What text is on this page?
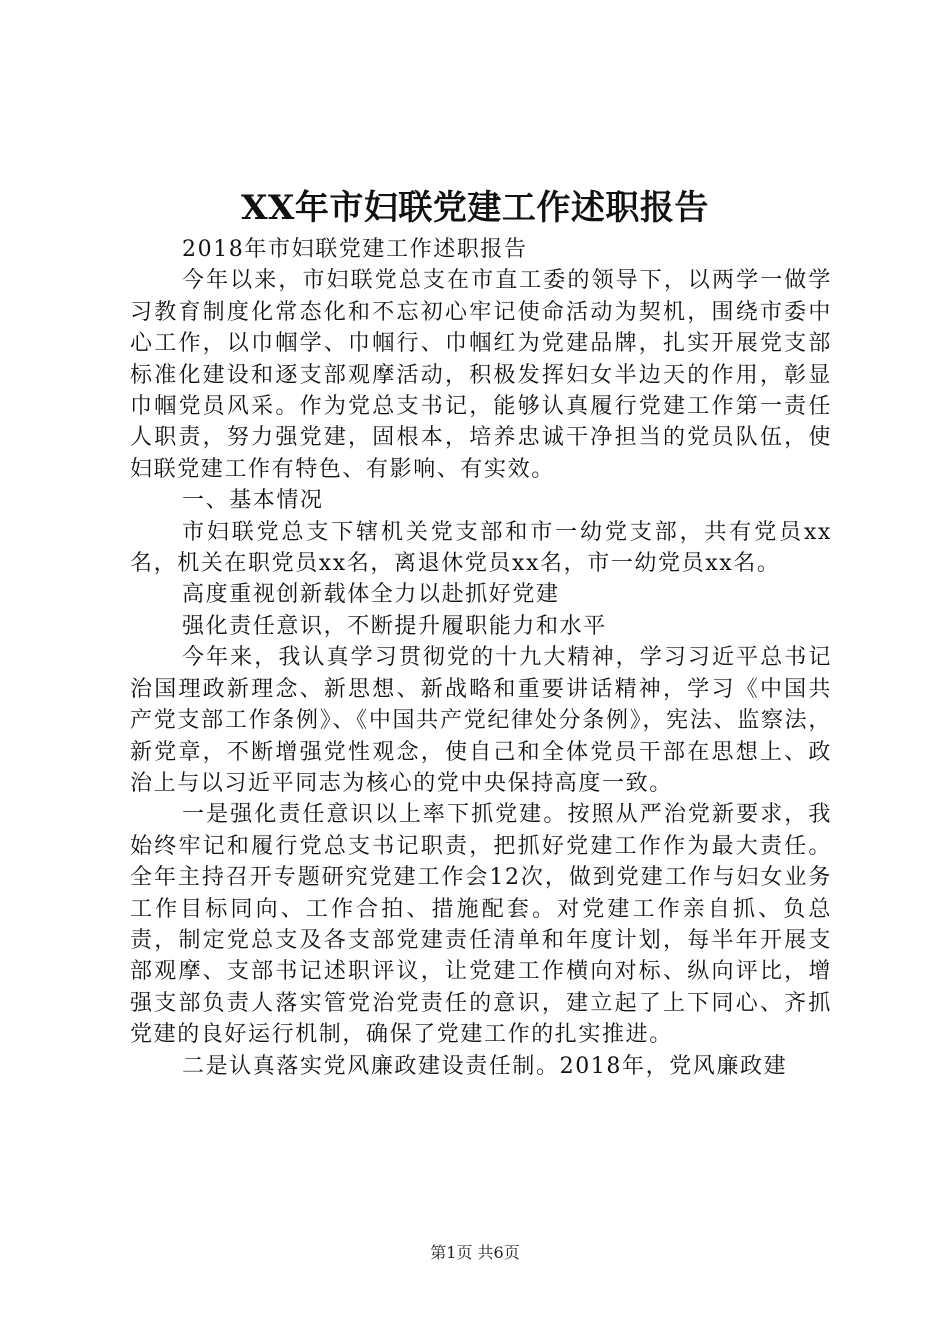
XX年市妇联党建工作述职报告

2018年市妇联党建工作述职报告

今年以来，市妇联党总支在市直工委的领导下，以两学一做学习教育制度化常态化和不忘初心牢记使命活动为契机，围绕市委中心工作，以巾帼学、巾帼行、巾帼红为党建品牌，扎实开展党支部标准化建设和逐支部观摩活动，积极发挥妇女半边天的作用，彰显巾帼党员风采。作为党总支书记，能够认真履行党建工作第一责任人职责，努力强党建，固根本，培养忠诚干净担当的党员队伍，使妇联党建工作有特色、有影响、有实效。

一、基本情况

市妇联党总支下辖机关党支部和市一幼党支部，共有党员xx名，机关在职党员xx名，离退休党员xx名，市一幼党员xx名。

高度重视创新载体全力以赴抓好党建

强化责任意识，不断提升履职能力和水平

今年来，我认真学习贯彻党的十九大精神，学习习近平总书记治国理政新理念、新思想、新战略和重要讲话精神，学习《中国共产党支部工作条例》、《中国共产党纪律处分条例》，宪法、监察法，新党章，不断增强党性观念，使自己和全体党员干部在思想上、政治上与以习近平同志为核心的党中央保持高度一致。

一是强化责任意识以上率下抓党建。按照从严治党新要求，我始终牢记和履行党总支书记职责，把抓好党建工作作为最大责任。全年主持召开专题研究党建工作会12次，做到党建工作与妇女业务工作目标同向、工作合拍、措施配套。对党建工作亲自抓、负总责，制定党总支及各支部党建责任清单和年度计划，每半年开展支部观摩、支部书记述职评议，让党建工作横向对标、纵向评比，增强支部负责人落实管党治党责任的意识，建立起了上下同心、齐抓党建的良好运行机制，确保了党建工作的扎实推进。

二是认真落实党风廉政建设责任制。2018年，党风廉政建

第1页 共6页
